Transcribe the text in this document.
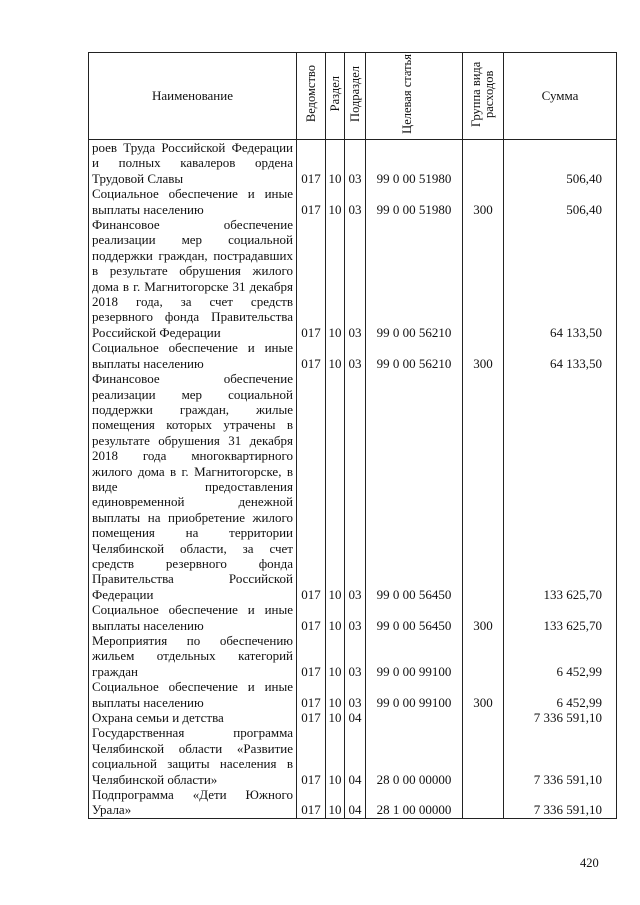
Наименование	Ведомство	Раздел	Подраздел	Целевая статья	Группа вида расходов	Сумма
роев Труда Российской Федерации и полных кавалеров ордена Трудовой Славы	017	10	03	99 0 00 51980		506,40
Социальное обеспечение и иные выплаты населению	017	10	03	99 0 00 51980	300	506,40
Финансовое обеспечение реализации мер социальной поддержки граждан, пострадавших в результате обрушения жилого дома в г. Магнитогорске 31 декабря 2018 года, за счет средств резервного фонда Правительства Российской Федерации	017	10	03	99 0 00 56210		64 133,50
Социальное обеспечение и иные выплаты населению	017	10	03	99 0 00 56210	300	64 133,50
Финансовое обеспечение реализации мер социальной поддержки граждан, жилые помещения которых утрачены в результате обрушения 31 декабря 2018 года многоквартирного жилого дома в г. Магнитогорске, в виде предоставления единовременной денежной выплаты на приобретение жилого помещения на территории Челябинской области, за счет средств резервного фонда Правительства Российской Федерации	017	10	03	99 0 00 56450		133 625,70
Социальное обеспечение и иные выплаты населению	017	10	03	99 0 00 56450	300	133 625,70
Мероприятия по обеспечению жильем отдельных категорий граждан	017	10	03	99 0 00 99100		6 452,99
Социальное обеспечение и иные выплаты населению	017	10	03	99 0 00 99100	300	6 452,99
Охрана семьи и детства	017	10	04			7 336 591,10
Государственная программа Челябинской области «Развитие социальной защиты населения в Челябинской области»	017	10	04	28 0 00 00000		7 336 591,10
Подпрограмма «Дети Южного Урала»	017	10	04	28 1 00 00000		7 336 591,10
420
